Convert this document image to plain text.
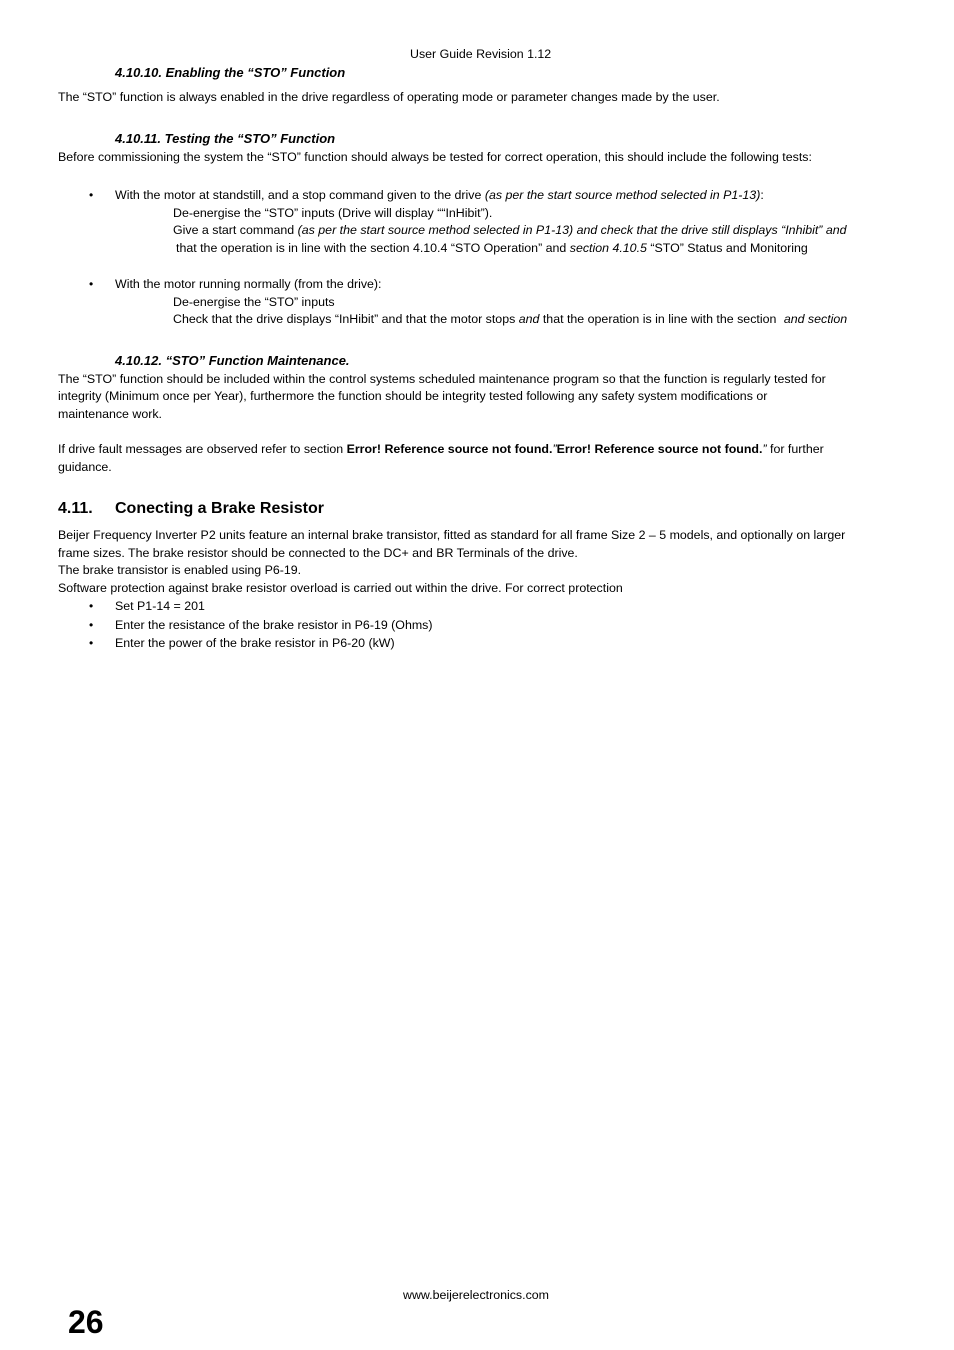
User Guide Revision 1.12
4.10.10. Enabling the “STO” Function
The “STO” function is always enabled in the drive regardless of operating mode or parameter changes made by the user.
4.10.11. Testing the “STO” Function
Before commissioning the system the “STO” function should always be tested for correct operation, this should include the following tests:
• With the motor at standstill, and a stop command given to the drive (as per the start source method selected in P1-13):
De-energise the “STO” inputs (Drive will display ““InHibit”).
Give a start command (as per the start source method selected in P1-13) and check that the drive still displays “Inhibit” and
that the operation is in line with the section 4.10.4 “STO Operation” and section 4.10.5 “STO” Status and Monitoring
• With the motor running normally (from the drive):
De-energise the “STO” inputs
Check that the drive displays “InHibit” and that the motor stops and that the operation is in line with the section and section
4.10.12. “STO” Function Maintenance.
The “STO” function should be included within the control systems scheduled maintenance program so that the function is regularly tested for
integrity (Minimum once per Year), furthermore the function should be integrity tested following any safety system modifications or
maintenance work.
If drive fault messages are observed refer to section Error! Reference source not found.”Error! Reference source not found.” for further
guidance.
4.11. Conecting a Brake Resistor
Beijer Frequency Inverter P2 units feature an internal brake transistor, fitted as standard for all frame Size 2 – 5 models, and optionally on larger
frame sizes. The brake resistor should be connected to the DC+ and BR Terminals of the drive.
The brake transistor is enabled using P6-19.
Software protection against brake resistor overload is carried out within the drive. For correct protection
• Set P1-14 = 201
• Enter the resistance of the brake resistor in P6-19 (Ohms)
• Enter the power of the brake resistor in P6-20 (kW)
www.beijerelectronics.com
26
